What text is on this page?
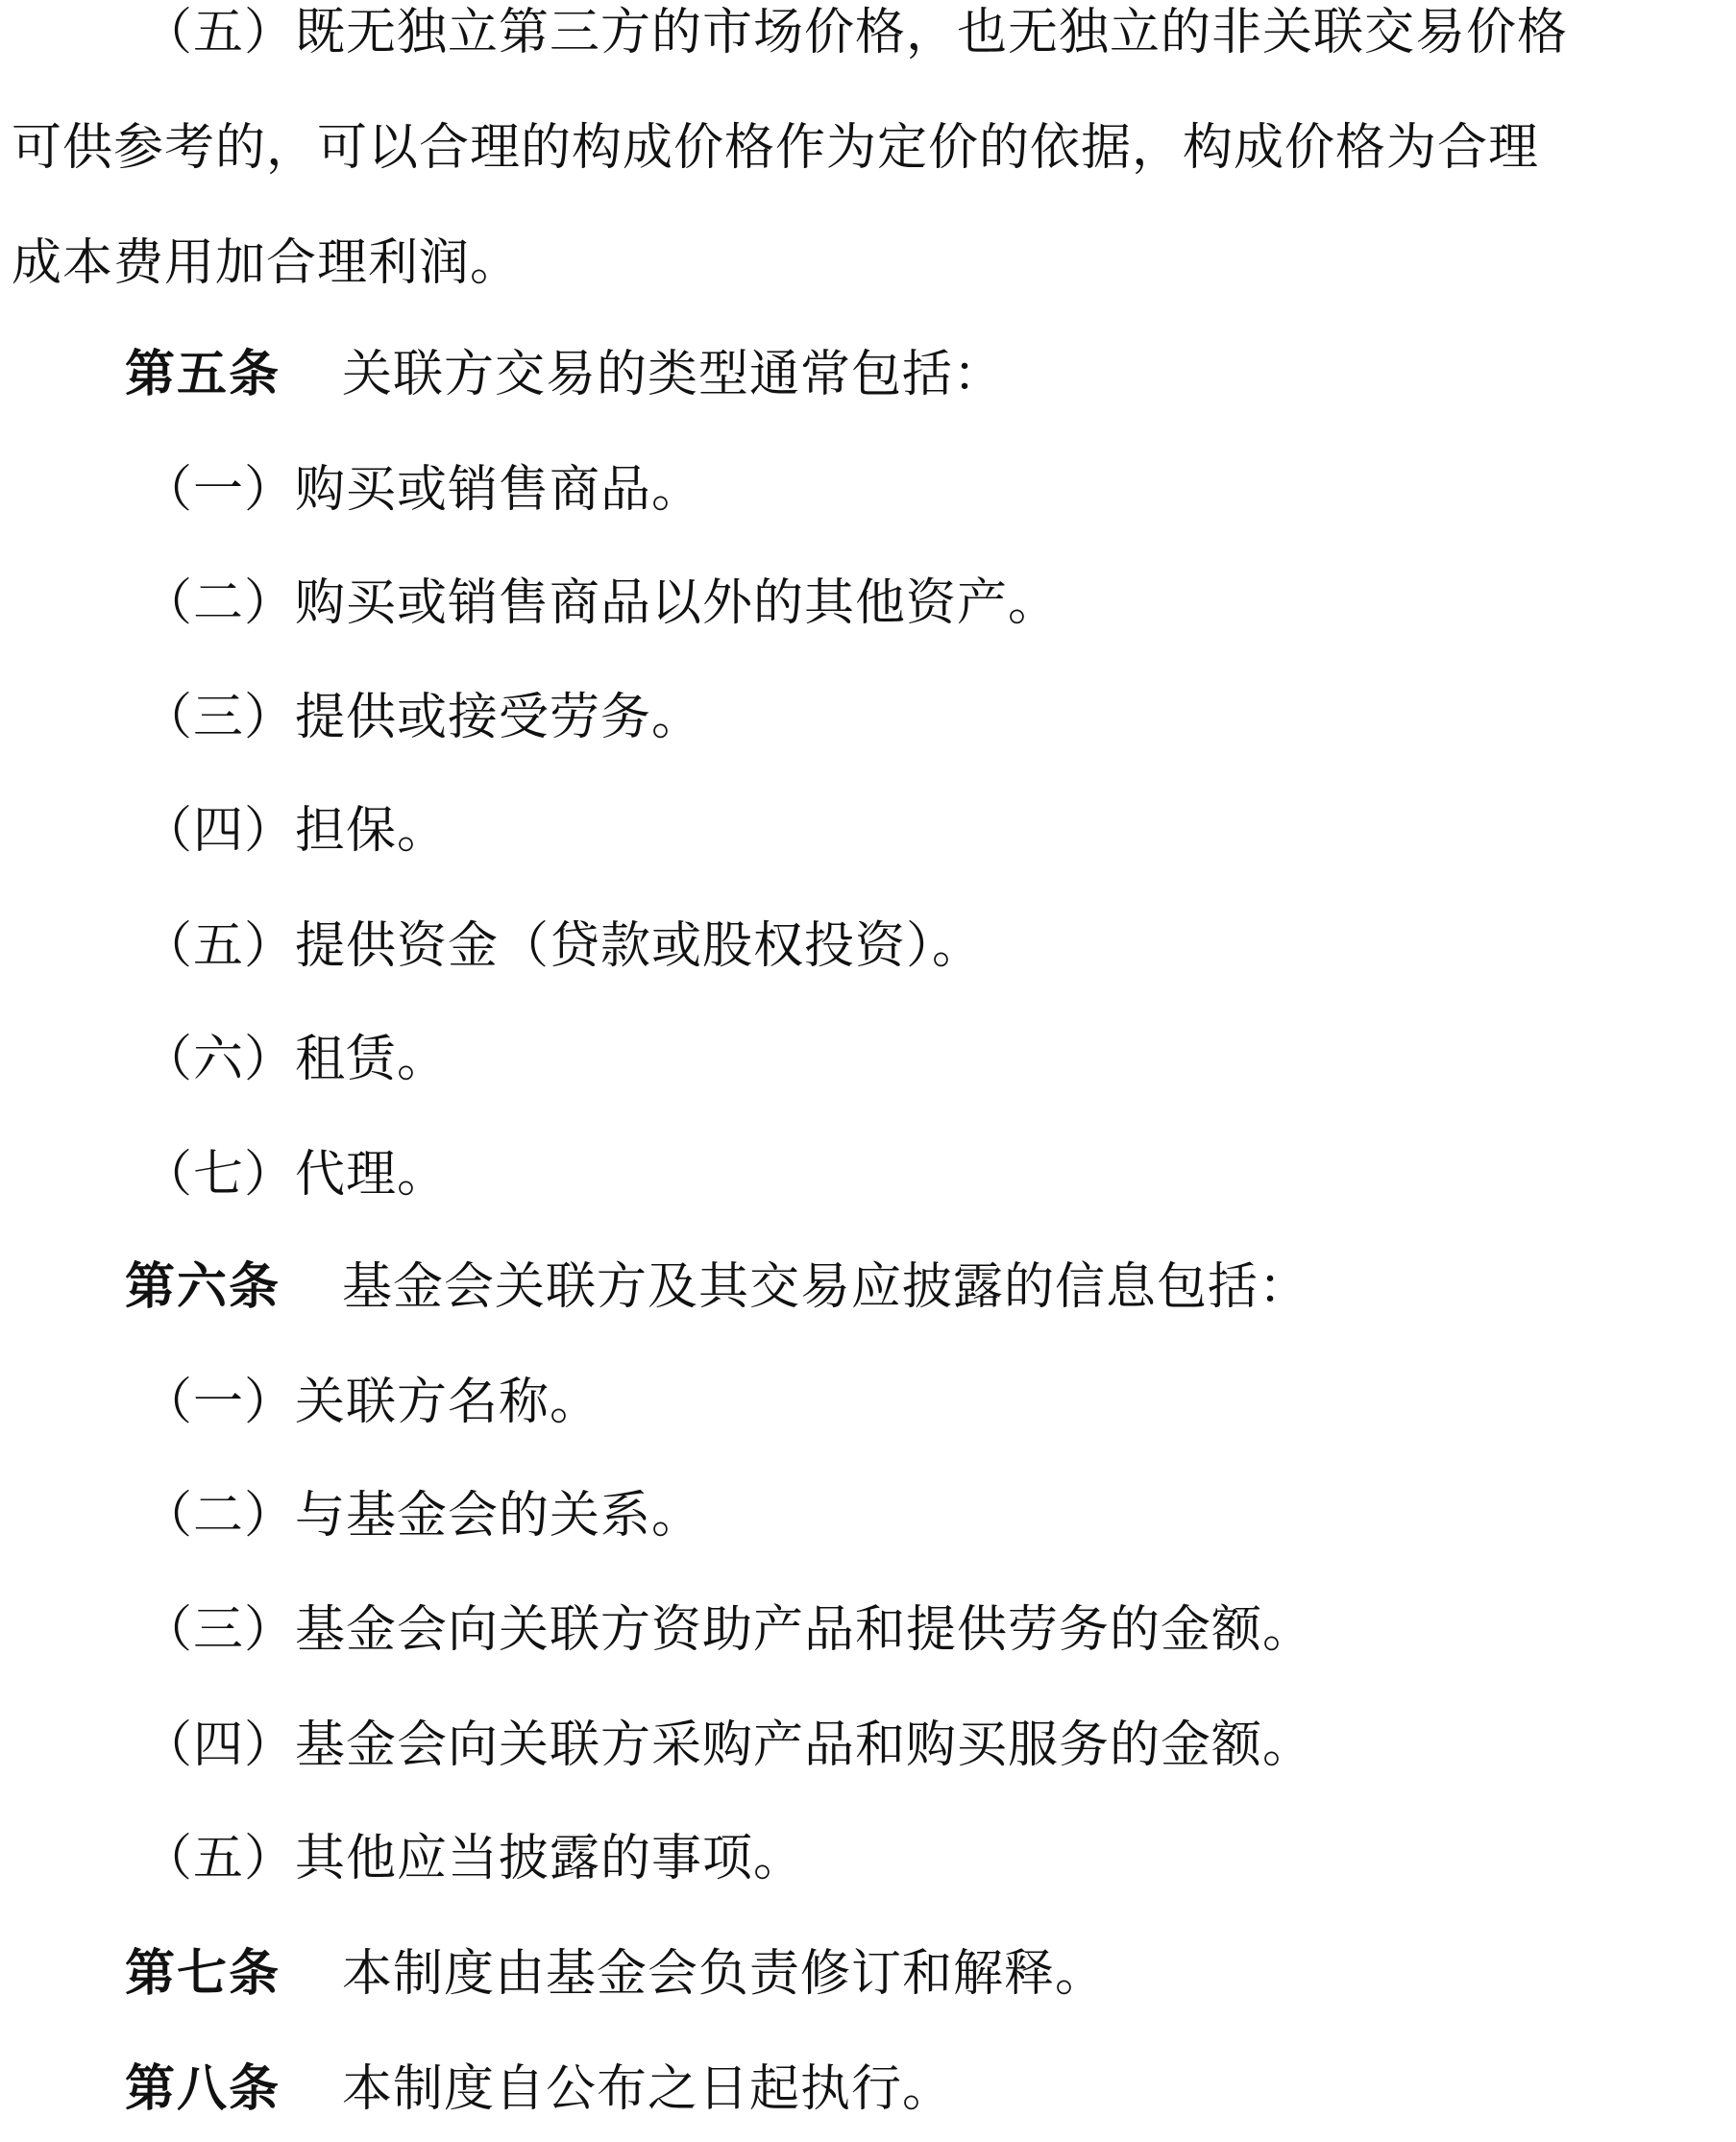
（五）既无独立第三方的市场价格，也无独立的非关联交易价格
可供参考的，可以合理的构成价格作为定价的依据，构成价格为合理
成本费用加合理利润。
第五条 关联方交易的类型通常包括：
（一）购买或销售商品。
（二）购买或销售商品以外的其他资产。
（三）提供或接受劳务。
（四）担保。
（五）提供资金（贷款或股权投资）。
（六）租赁。
（七）代理。
第六条 基金会关联方及其交易应披露的信息包括：
（一）关联方名称。
（二）与基金会的关系。
（三）基金会向关联方资助产品和提供劳务的金额。
（四）基金会向关联方采购产品和购买服务的金额。
（五）其他应当披露的事项。
第七条 本制度由基金会负责修订和解释。
第八条 本制度自公布之日起执行。
